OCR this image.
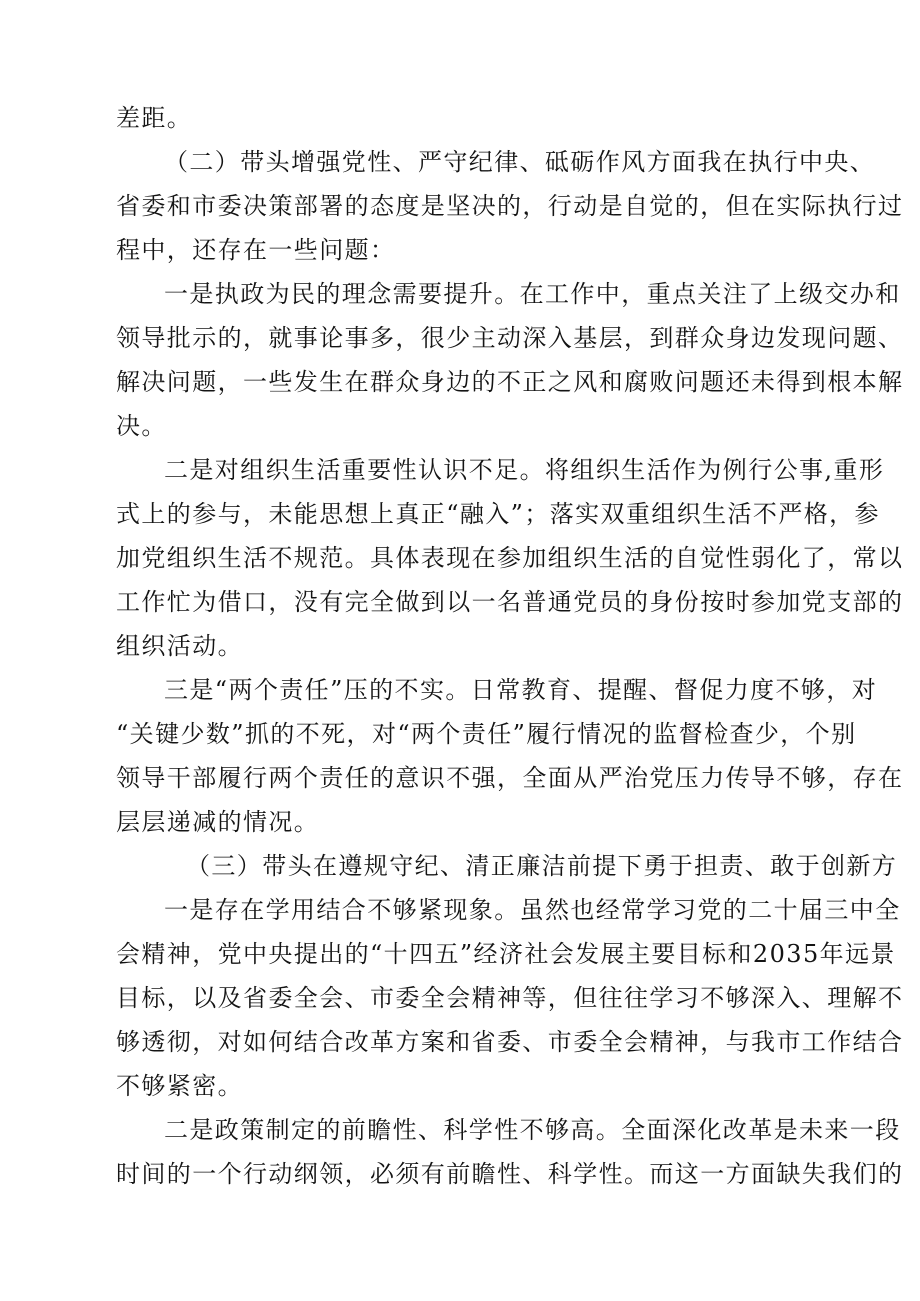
差距。
（二）带头增强党性、严守纪律、砥砺作风方面我在执行中央、
省委和市委决策部署的态度是坚决的，行动是自觉的，但在实际执行过
程中，还存在一些问题：
一是执政为民的理念需要提升。在工作中，重点关注了上级交办和
领导批示的，就事论事多，很少主动深入基层，到群众身边发现问题、
解决问题，一些发生在群众身边的不正之风和腐败问题还未得到根本解
决。
二是对组织生活重要性认识不足。将组织生活作为例行公事,重形
式上的参与，未能思想上真正“融入”；落实双重组织生活不严格，参
加党组织生活不规范。具体表现在参加组织生活的自觉性弱化了，常以
工作忙为借口，没有完全做到以一名普通党员的身份按时参加党支部的
组织活动。
三是“两个责任”压的不实。日常教育、提醒、督促力度不够，对
“关键少数”抓的不死，对“两个责任”履行情况的监督检查少，个别
领导干部履行两个责任的意识不强，全面从严治党压力传导不够，存在
层层递减的情况。
（三）带头在遵规守纪、清正廉洁前提下勇于担责、敢于创新方
一是存在学用结合不够紧现象。虽然也经常学习党的二十届三中全
会精神，党中央提出的“十四五”经济社会发展主要目标和2035年远景
目标，以及省委全会、市委全会精神等，但往往学习不够深入、理解不
够透彻，对如何结合改革方案和省委、市委全会精神，与我市工作结合
不够紧密。
二是政策制定的前瞻性、科学性不够高。全面深化改革是未来一段
时间的一个行动纲领，必须有前瞻性、科学性。而这一方面缺失我们的
